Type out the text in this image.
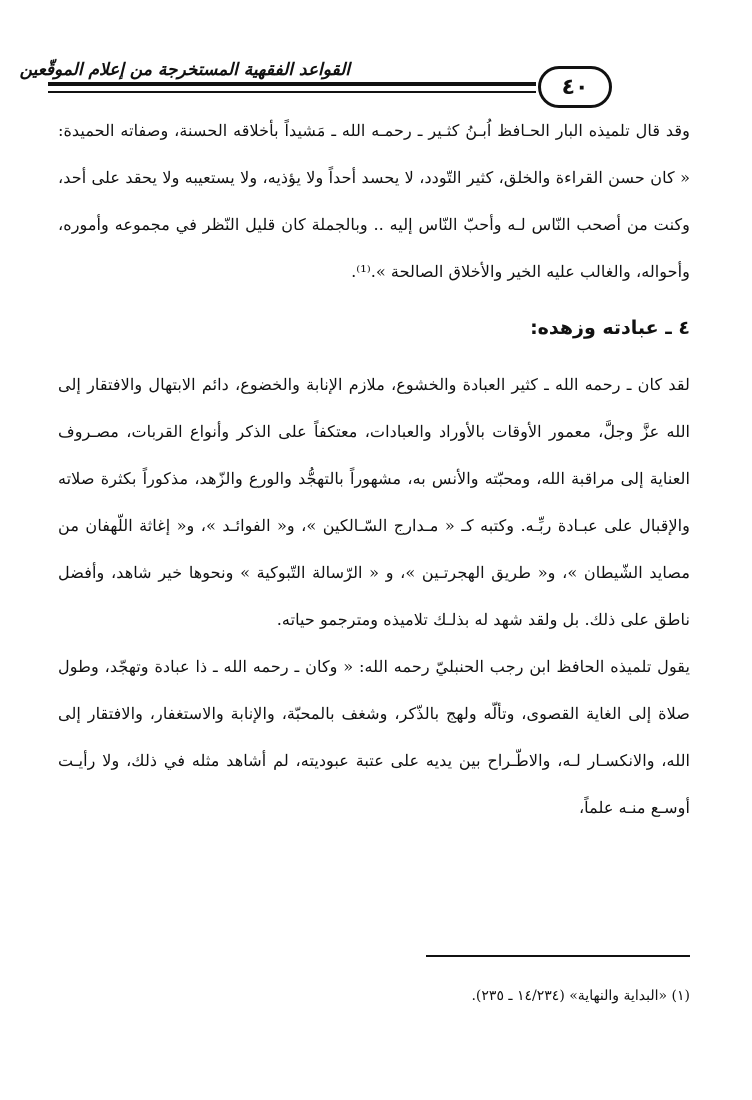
القواعد الفقهية المستخرجة من إعلام الموقّعين
٤٠

وقد قال تلميذه البار الحـافظ اُبـنُ كثـير ـ رحمـه الله ـ مَشيداً بأخلاقه الحسنة، وصفاته الحميدة: « كان حسن القراءة والخلق، كثير التّودد، لا يحسد أحداً ولا يؤذيه، ولا يستعيبه ولا يحقد على أحد، وكنت من أصحب النّاس لـه وأحبّ النّاس إليه .. وبالجملة كان قليل النّظر في مجموعه وأموره، وأحواله، والغالب عليه الخير والأخلاق الصالحة ».⁽¹⁾.

٤ ـ عبادته وزهده:

لقد كان ـ رحمه الله ـ كثير العبادة والخشوع، ملازم الإنابة والخضوع، دائم الابتهال والافتقار إلى الله عزَّ وجلَّ، معمور الأوقات بالأوراد والعبادات، معتكفاً على الذكر وأنواع القربات، مصـروف العناية إلى مراقبة الله، ومحبّته والأنس به، مشهوراً بالتهجُّد والورع والزّهد، مذكوراً بكثرة صلاته والإقبال على عبـادة ربِّـه. وكتبه كـ « مـدارج السّـالكين »، و« الفوائـد »، و« إغاثة اللّهفان من مصايد الشّيطان »، و« طريق الهجرتـين »، و « الرّسالة التّبوكية » ونحوها خير شاهد، وأفضل ناطق على ذلك. بل ولقد شهد له بذلـك تلاميذه ومترجمو حياته.

يقول تلميذه الحافظ ابن رجب الحنبليّ رحمه الله: « وكان ـ رحمه الله ـ ذا عبادة وتهجّد، وطول صلاة إلى الغاية القصوى، وتألّه ولهج بالذّكر، وشغف بالمحبّة، والإنابة والاستغفار، والافتقار إلى الله، والانكسـار لـه، والاطّـراح بين يديه على عتبة عبوديته، لم أشاهد مثله في ذلك، ولا رأيـت أوسـع منـه علماً،

(١) «البداية والنهاية» (١٤/٢٣٤ ـ ٢٣٥).
